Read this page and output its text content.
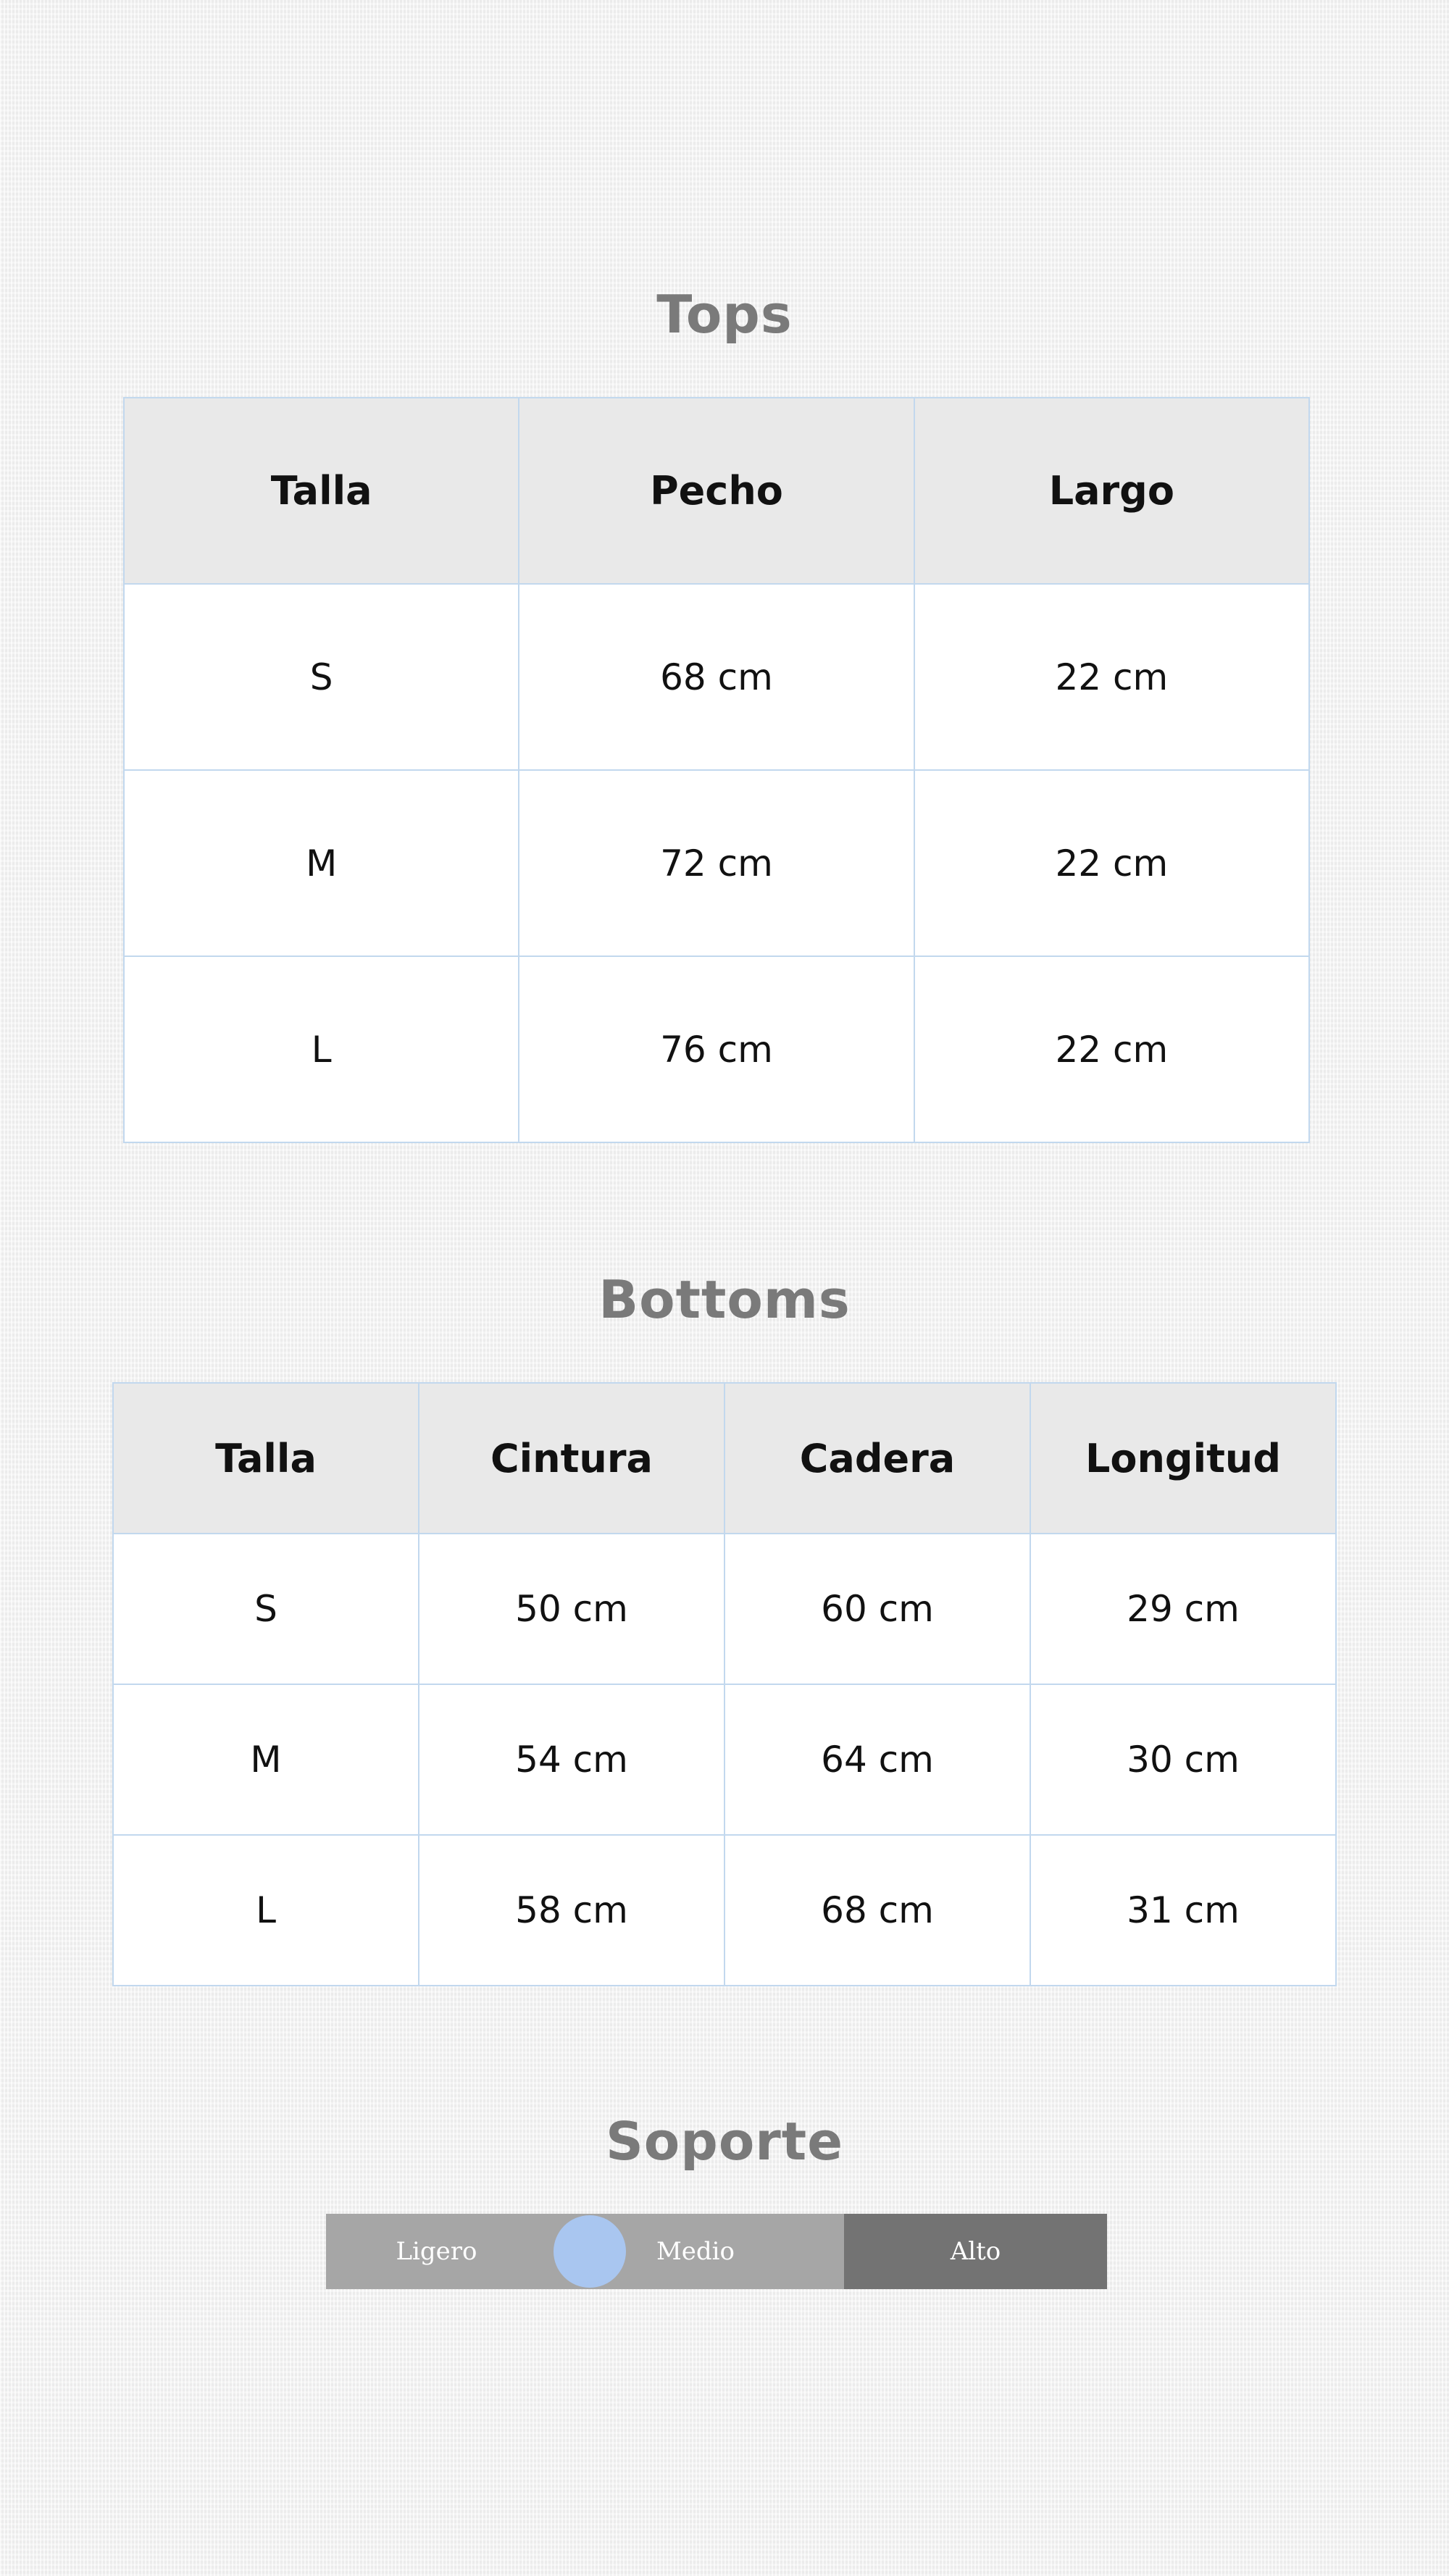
Tops
Talla	Pecho	Largo
S	68 cm	22 cm
M	72 cm	22 cm
L	76 cm	22 cm
Bottoms
Talla	Cintura	Cadera	Longitud
S	50 cm	60 cm	29 cm
M	54 cm	64 cm	30 cm
L	58 cm	68 cm	31 cm
Soporte
Ligero	Medio	Alto
